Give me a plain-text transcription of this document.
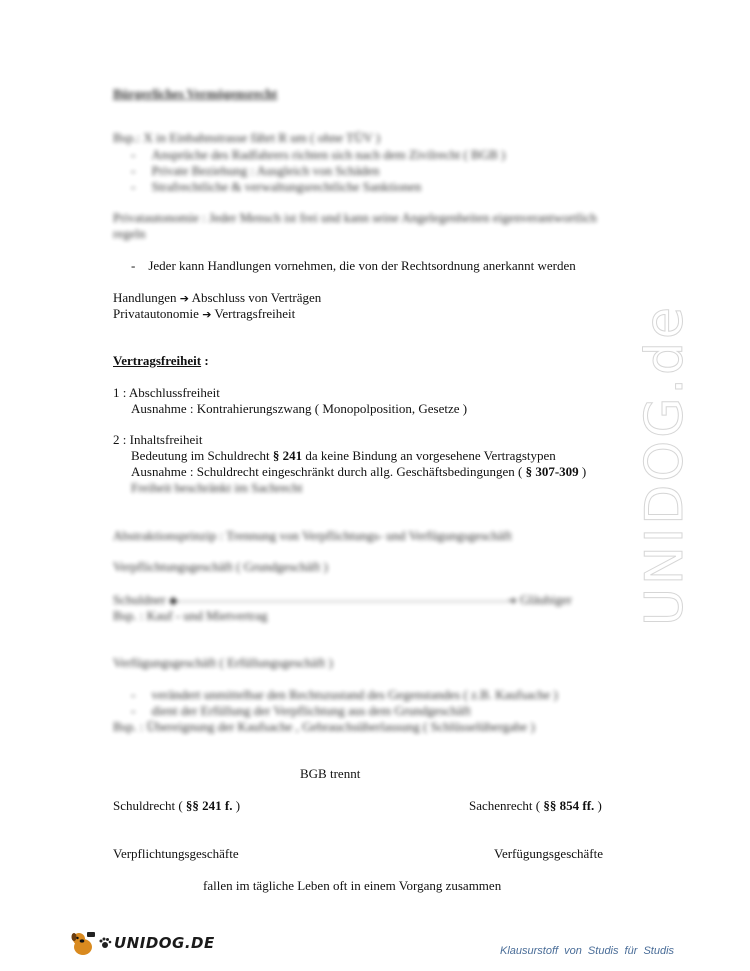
Bürgerliches Vermögensrecht
Bsp.: X in Einbahnstrasse fährt R um ( ohne TÜV )
-     Ansprüche des Radfahrers richten sich nach dem Zivilrecht ( BGB )
-     Private Beziehung : Ausgleich von Schäden
-     Strafrechtliche & verwaltungsrechtliche Sanktionen
Privatautonomie : Jeder Mensch ist frei und kann seine Angelegenheiten eigenverantwortlich
regeln
- Jeder kann Handlungen vornehmen, die von der Rechtsordnung anerkannt werden
Handlungen ➔ Abschluss von Verträgen
Privatautonomie ➔ Vertragsfreiheit
Vertragsfreiheit :
1 : Abschlussfreiheit
Ausnahme : Kontrahierungszwang ( Monopolposition, Gesetze )
2 : Inhaltsfreiheit
Bedeutung im Schuldrecht § 241 da keine Bindung an vorgesehene Vertragstypen
Ausnahme : Schuldrecht eingeschränkt durch allg. Geschäftsbedingungen ( § 307-309 )
Freiheit beschränkt im Sachrecht
Abstraktionsprinzip : Trennung von Verpflichtungs- und Verfügungsgeschäft
Verpflichtungsgeschäft ( Grundgeschäft )
Schuldner ◆	➔ Gläubiger
Bsp. : Kauf - und Mietvertrag
Verfügungsgeschäft ( Erfüllungsgeschäft )
-     verändert unmittelbar den Rechtszustand des Gegenstandes ( z.B. Kaufsache )
-     dient der Erfüllung der Verpflichtung aus dem Grundgeschäft
Bsp. : Übereignung der Kaufsache , Gebrauchsüberlassung ( Schlüsselübergabe )
BGB trennt
Schuldrecht ( §§ 241 f. )	Sachenrecht ( §§ 854 ff. )
Verpflichtungsgeschäfte	Verfügungsgeschäfte
fallen im tägliche Leben oft in einem Vorgang zusammen
UNIDOG.de
UNIDOG.DE	Klausurstoff von Studis für Studis
